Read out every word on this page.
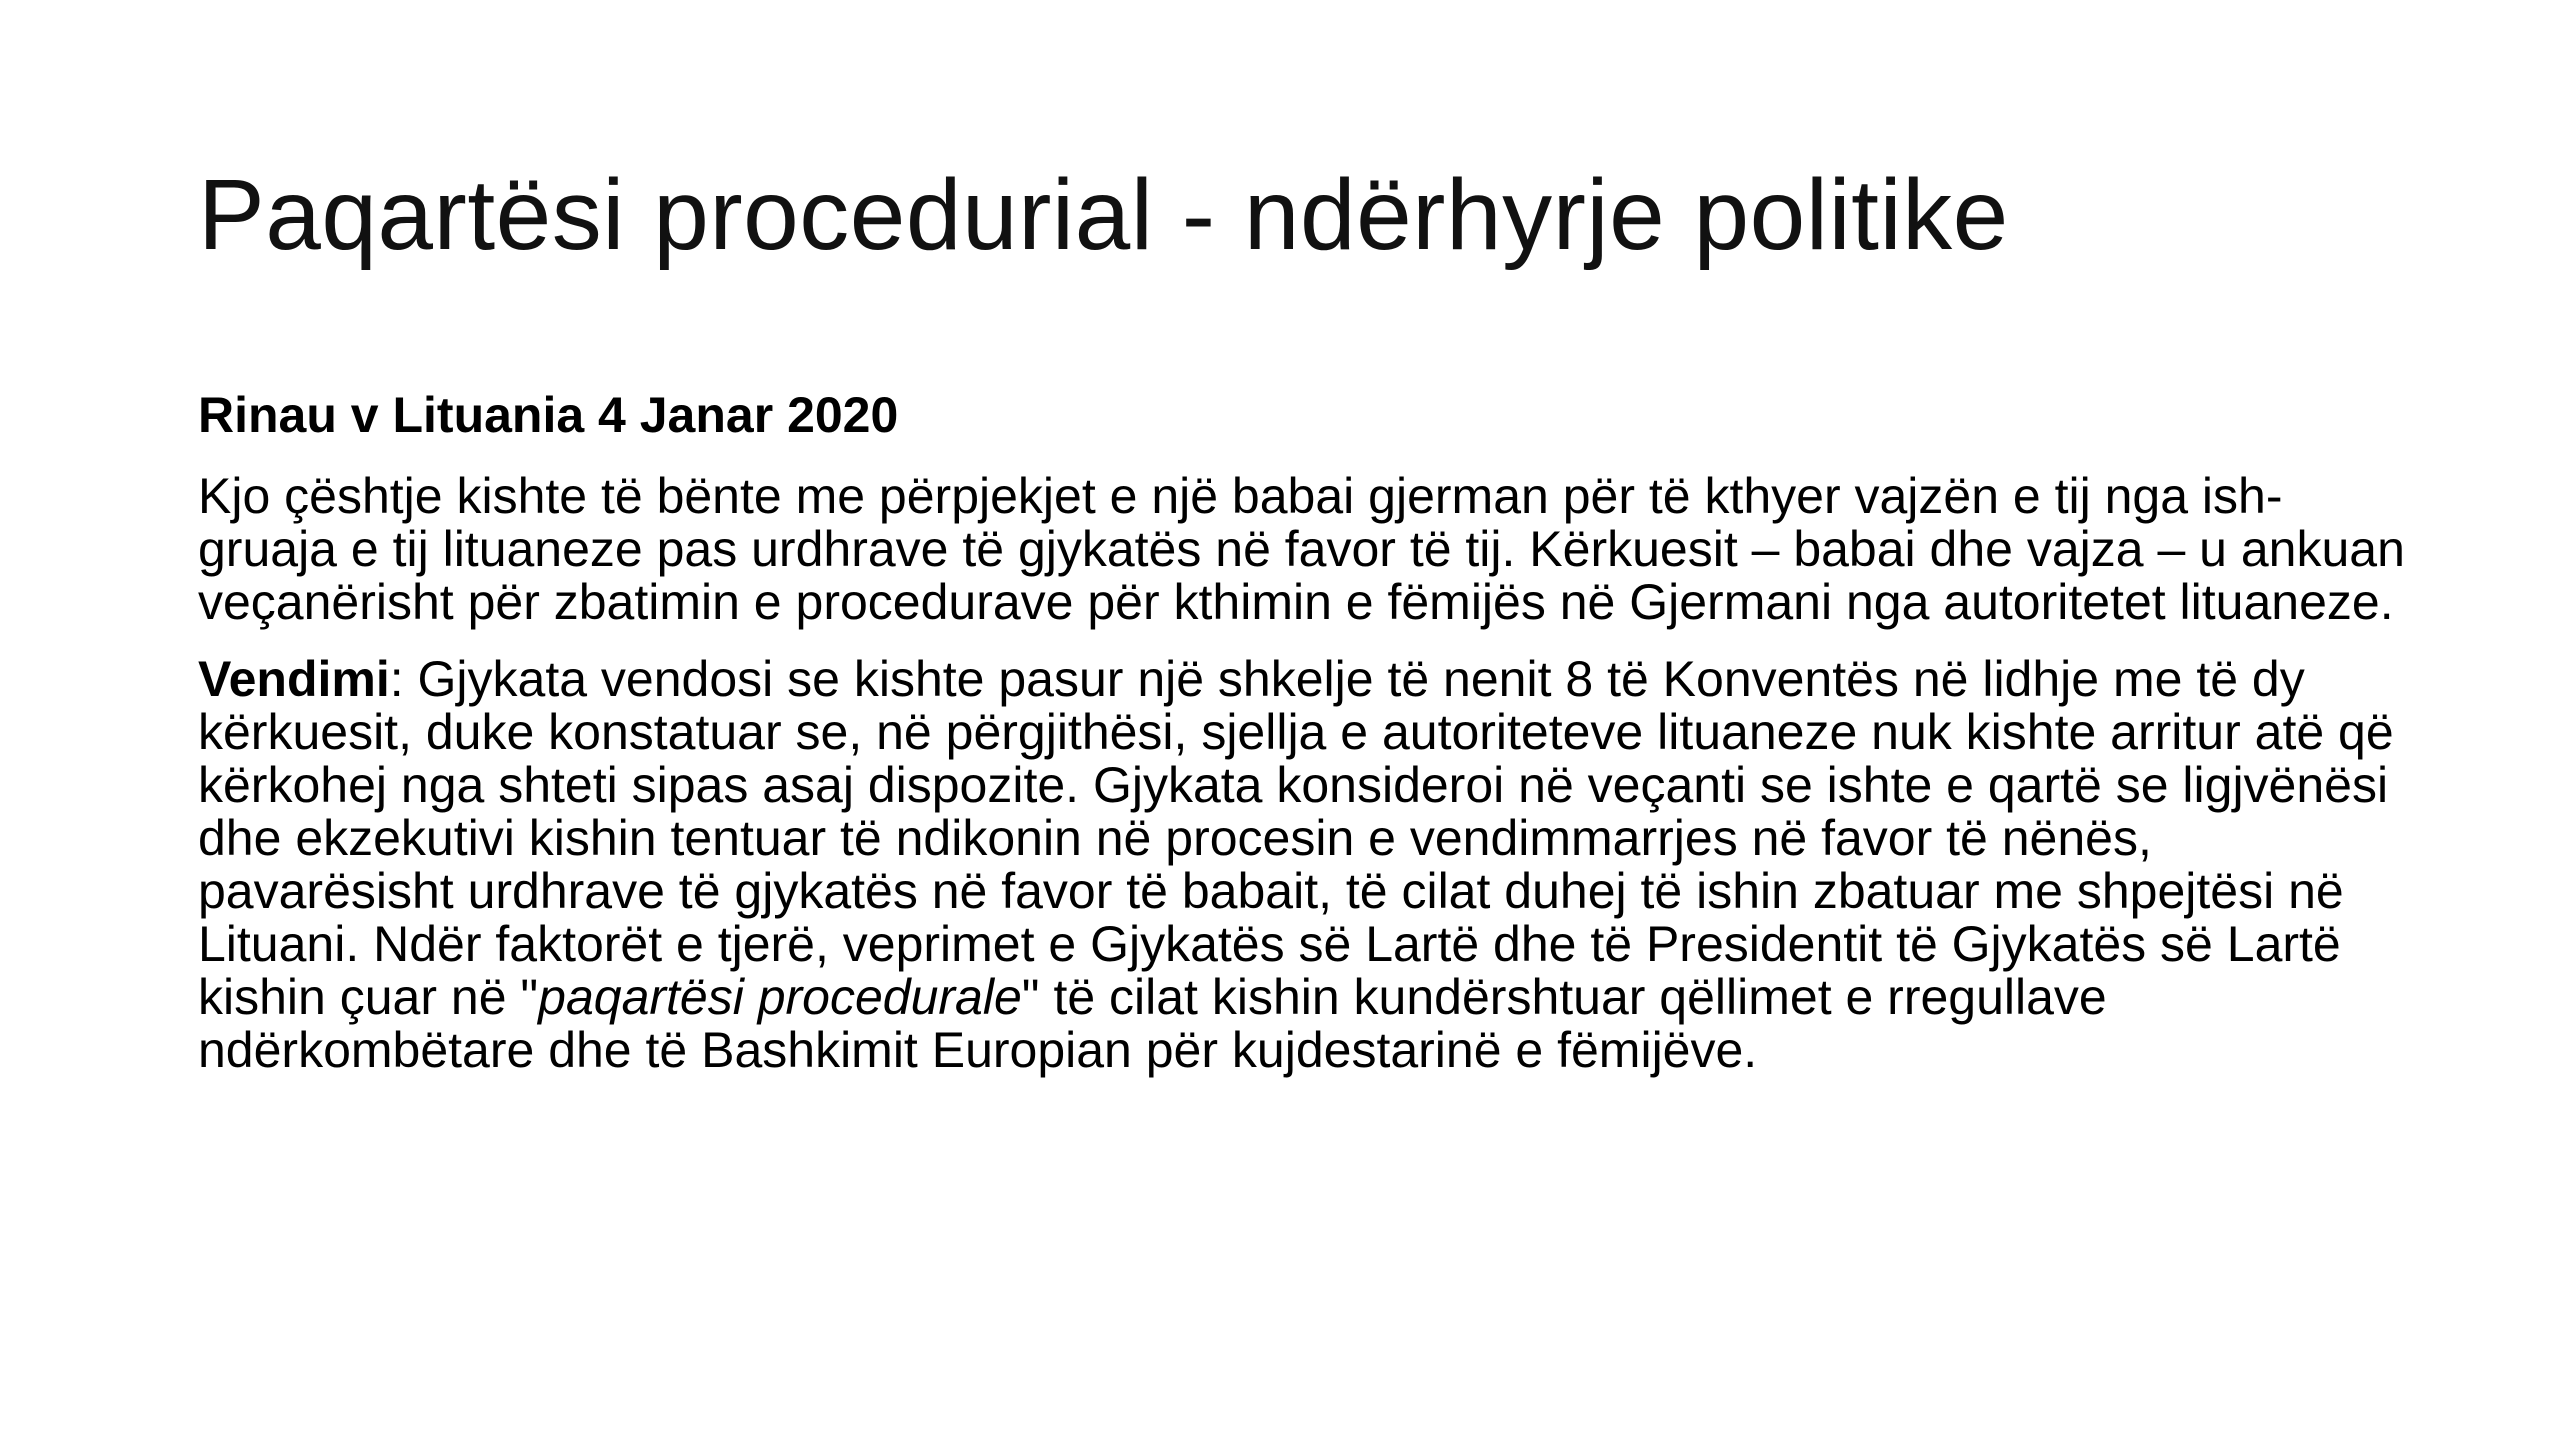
Paqartësi procedurial - ndërhyrje politike

Rinau v Lituania 4 Janar 2020

Kjo çështje kishte të bënte me përpjekjet e një babai gjerman për të kthyer vajzën e tij nga ish-gruaja e tij lituaneze pas urdhrave të gjykatës në favor të tij. Kërkuesit – babai dhe vajza – u ankuan veçanërisht për zbatimin e procedurave për kthimin e fëmijës në Gjermani nga autoritetet lituaneze.

Vendimi: Gjykata vendosi se kishte pasur një shkelje të nenit 8 të Konventës në lidhje me të dy kërkuesit, duke konstatuar se, në përgjithësi, sjellja e autoriteteve lituaneze nuk kishte arritur atë që kërkohej nga shteti sipas asaj dispozite. Gjykata konsideroi në veçanti se ishte e qartë se ligjvënësi dhe ekzekutivi kishin tentuar të ndikonin në procesin e vendimmarrjes në favor të nënës, pavarësisht urdhrave të gjykatës në favor të babait, të cilat duhej të ishin zbatuar me shpejtësi në Lituani. Ndër faktorët e tjerë, veprimet e Gjykatës së Lartë dhe të Presidentit të Gjykatës së Lartë kishin çuar në "paqartësi procedurale" të cilat kishin kundërshtuar qëllimet e rregullave ndërkombëtare dhe të Bashkimit Europian për kujdestarinë e fëmijëve.
